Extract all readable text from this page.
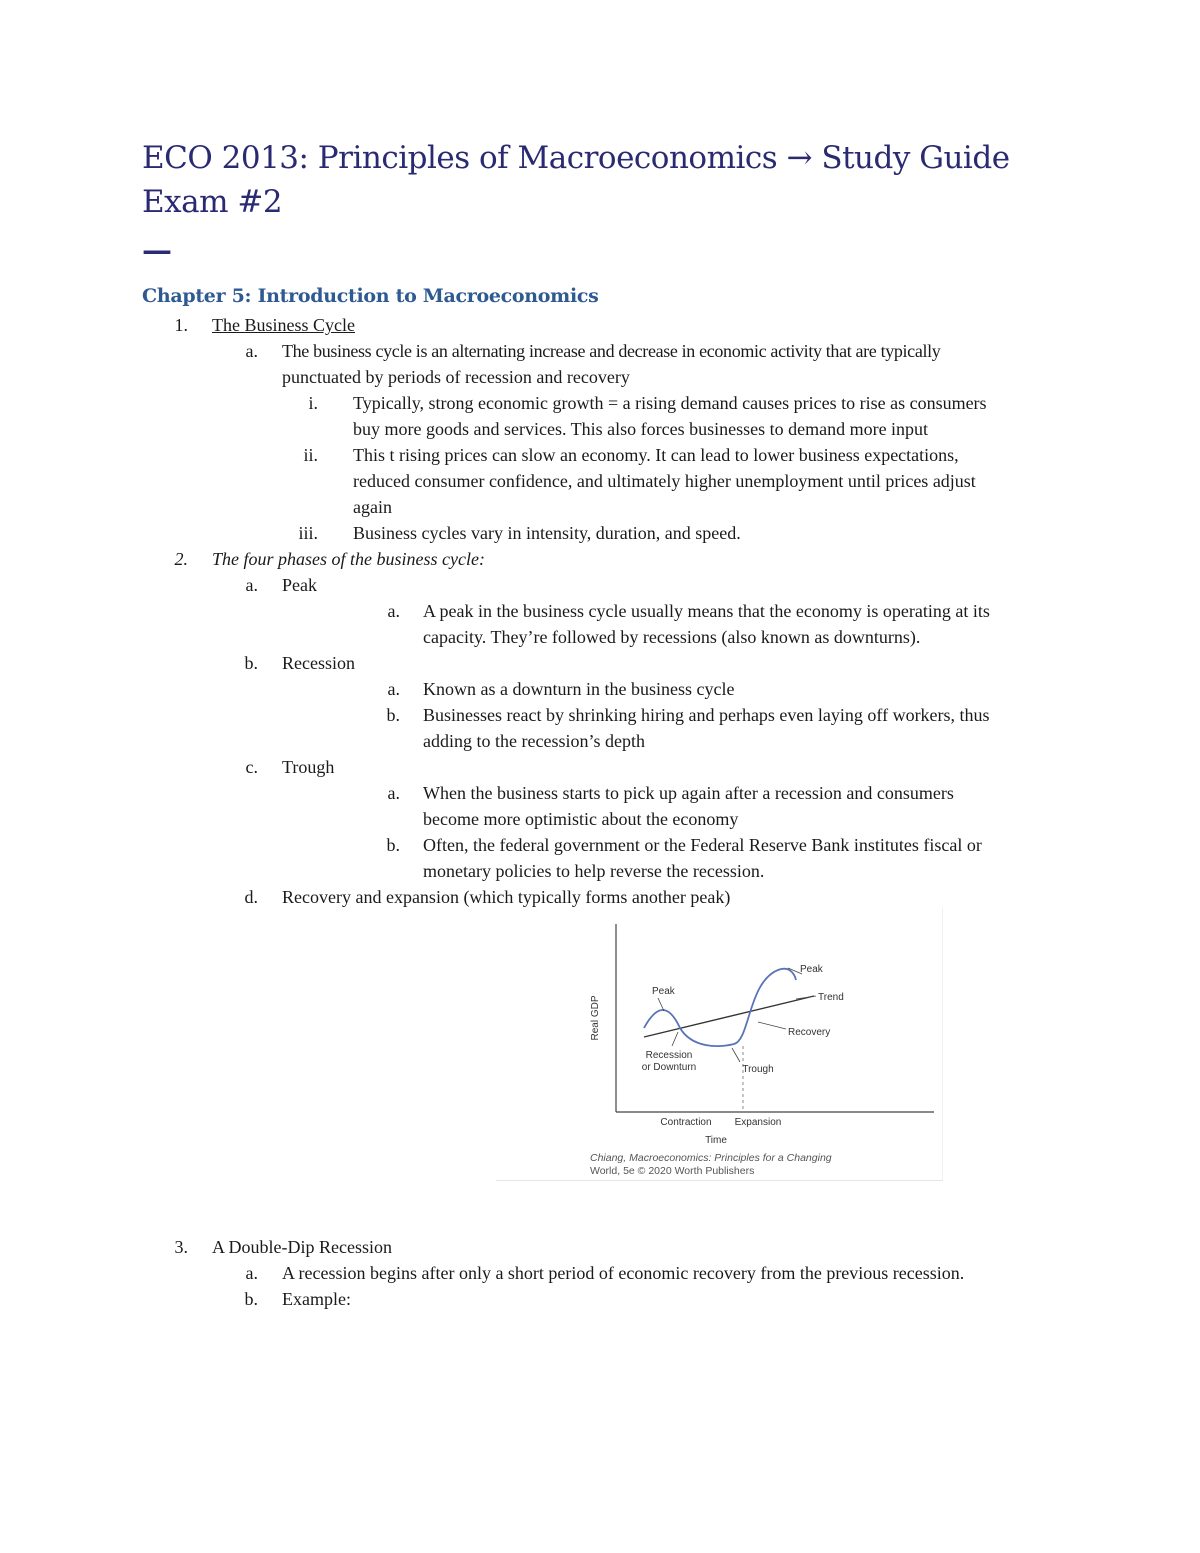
ECO 2013: Principles of Macroeconomics → Study Guide Exam #2
—
Chapter 5: Introduction to Macroeconomics
1. The Business Cycle
a. The business cycle is an alternating increase and decrease in economic activity that are typically
punctuated by periods of recession and recovery
i. Typically, strong economic growth = a rising demand causes prices to rise as consumers
buy more goods and services. This also forces businesses to demand more input
ii. This t rising prices can slow an economy. It can lead to lower business expectations,
reduced consumer confidence, and ultimately higher unemployment until prices adjust
again
iii. Business cycles vary in intensity, duration, and speed.
2. The four phases of the business cycle:
a. Peak
a. A peak in the business cycle usually means that the economy is operating at its
capacity. They’re followed by recessions (also known as downturns).
b. Recession
a. Known as a downturn in the business cycle
b. Businesses react by shrinking hiring and perhaps even laying off workers, thus
adding to the recession’s depth
c. Trough
a. When the business starts to pick up again after a recession and consumers
become more optimistic about the economy
b. Often, the federal government or the Federal Reserve Bank institutes fiscal or
monetary policies to help reverse the recession.
d. Recovery and expansion (which typically forms another peak)
Real GDP
Peak
Peak
Trend
Recovery
Recession
or Downturn	Trough
Contraction Expansion
Time
Chiang, Macroeconomics: Principles for a Changing
World, 5e © 2020 Worth Publishers
3. A Double-Dip Recession
a. A recession begins after only a short period of economic recovery from the previous recession.
b. Example:
